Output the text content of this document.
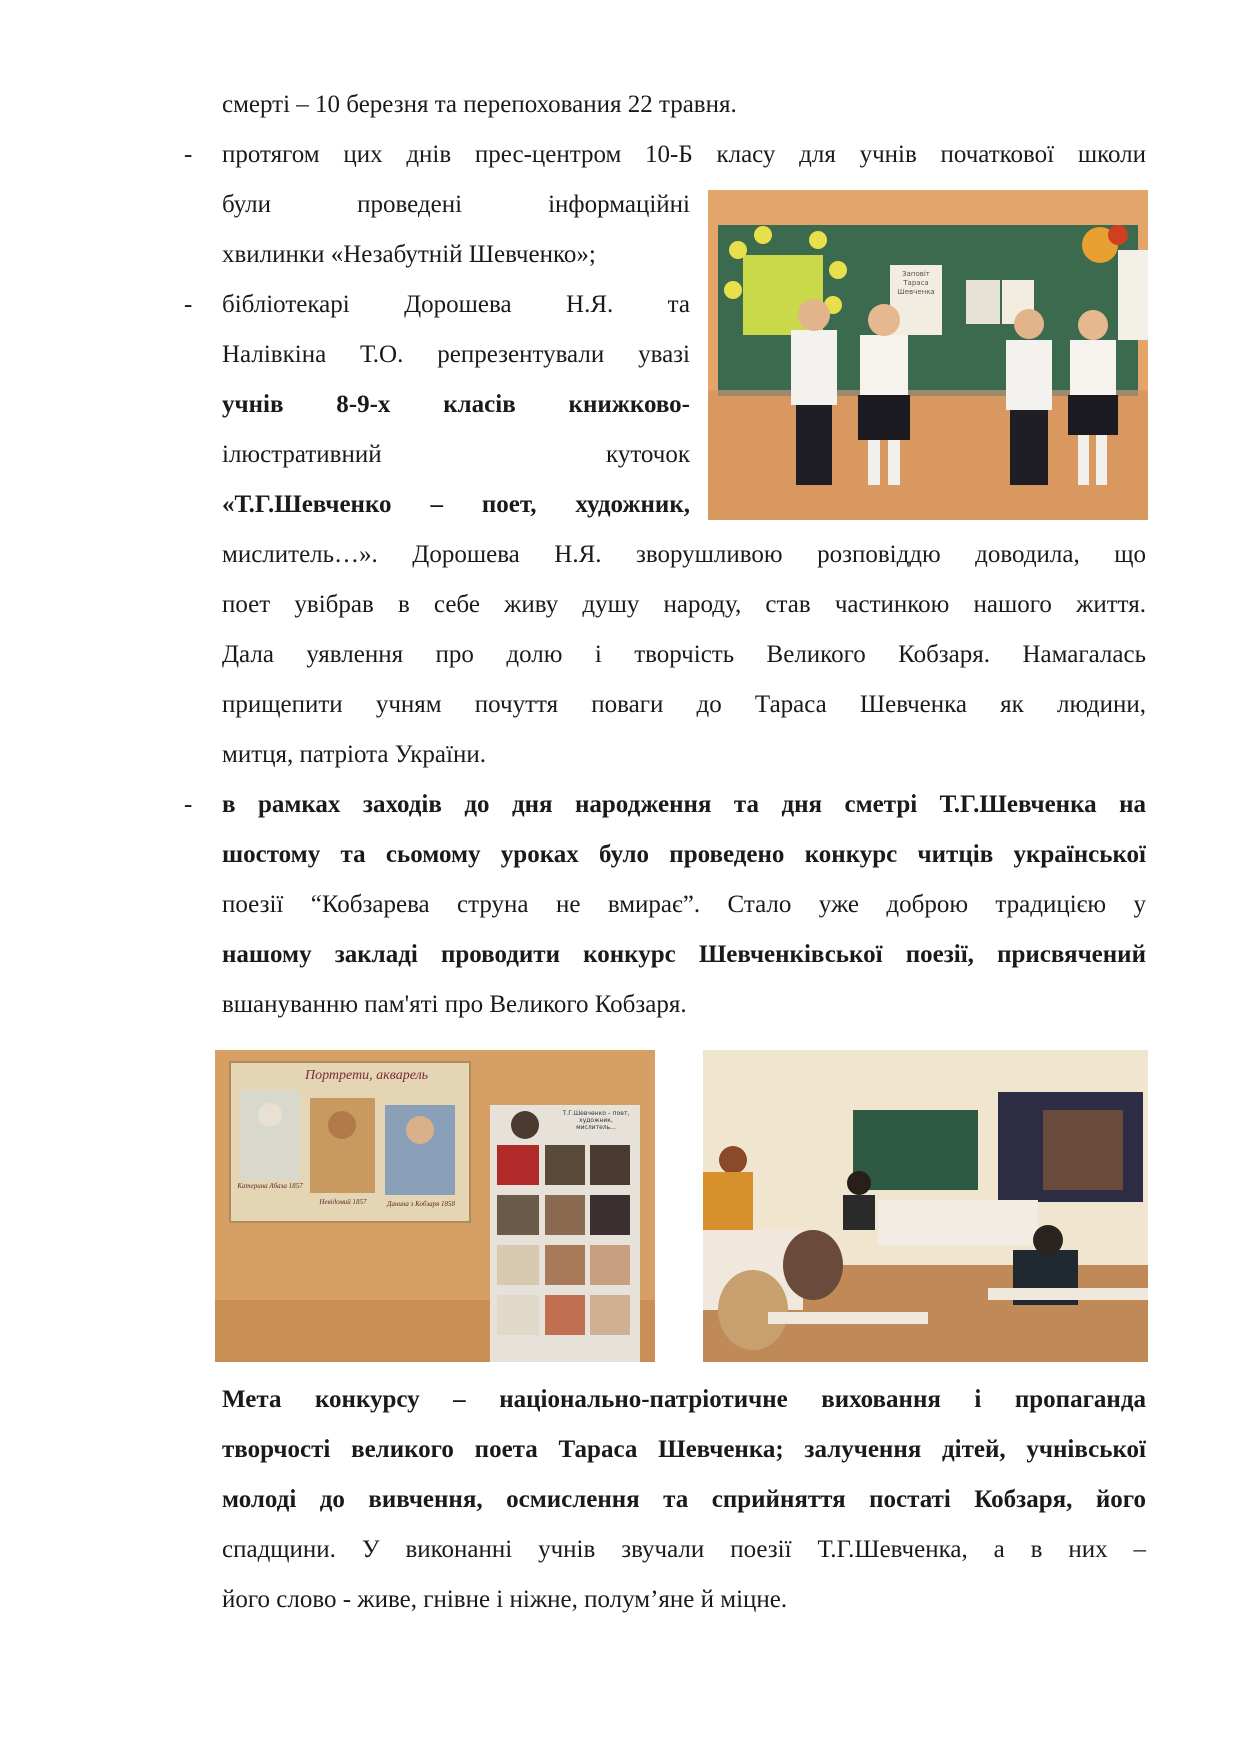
смерті – 10 березня та перепохования 22 травня.
- протягом цих днів прес-центром 10-Б класу для учнів початкової школи
були проведені інформаційні
хвилинки «Незабутній Шевченко»;
- бібліотекарі Дорошева Н.Я. та
Налівкіна Т.О. репрезентували увазі
учнів 8-9-х класів книжково-
ілюстративний куточок
«Т.Г.Шевченко – поет, художник,
мислитель…». Дорошева Н.Я. зворушливою розповіддю доводила, що
поет увібрав в себе живу душу народу, став частинкою нашого життя.
Дала уявлення про долю і творчість Великого Кобзаря. Намагалась
прищепити учням почуття поваги до Тараса Шевченка як людини,
митця, патріота України.
- в рамках заходів до дня народження та дня сметрі Т.Г.Шевченка на
шостому та сьомому уроках було проведено конкурс читців української
поезії “Кобзарева струна не вмирає”. Стало уже доброю традицією у
нашому закладі проводити конкурс Шевченківської поезії, присвячений
вшануванню пам'яті про Великого Кобзаря.
Мета конкурсу – національно-патріотичне виховання і пропаганда
творчості великого поета Тараса Шевченка; залучення дітей, учнівської
молоді до вивчення, осмислення та сприйняття постаті Кобзаря, його
спадщини. У виконанні учнів звучали поезії Т.Г.Шевченка, а в них –
його слово - живе, гнівне і ніжне, полум’яне й міцне.
Заповіт Тараса Шевченка
Портрети, акварель
Катерина Абаза 1857
Невідомий 1857	Данина з Кобзаря 1858
Т.Г.Шевченко – поет, художник, мислитель...
